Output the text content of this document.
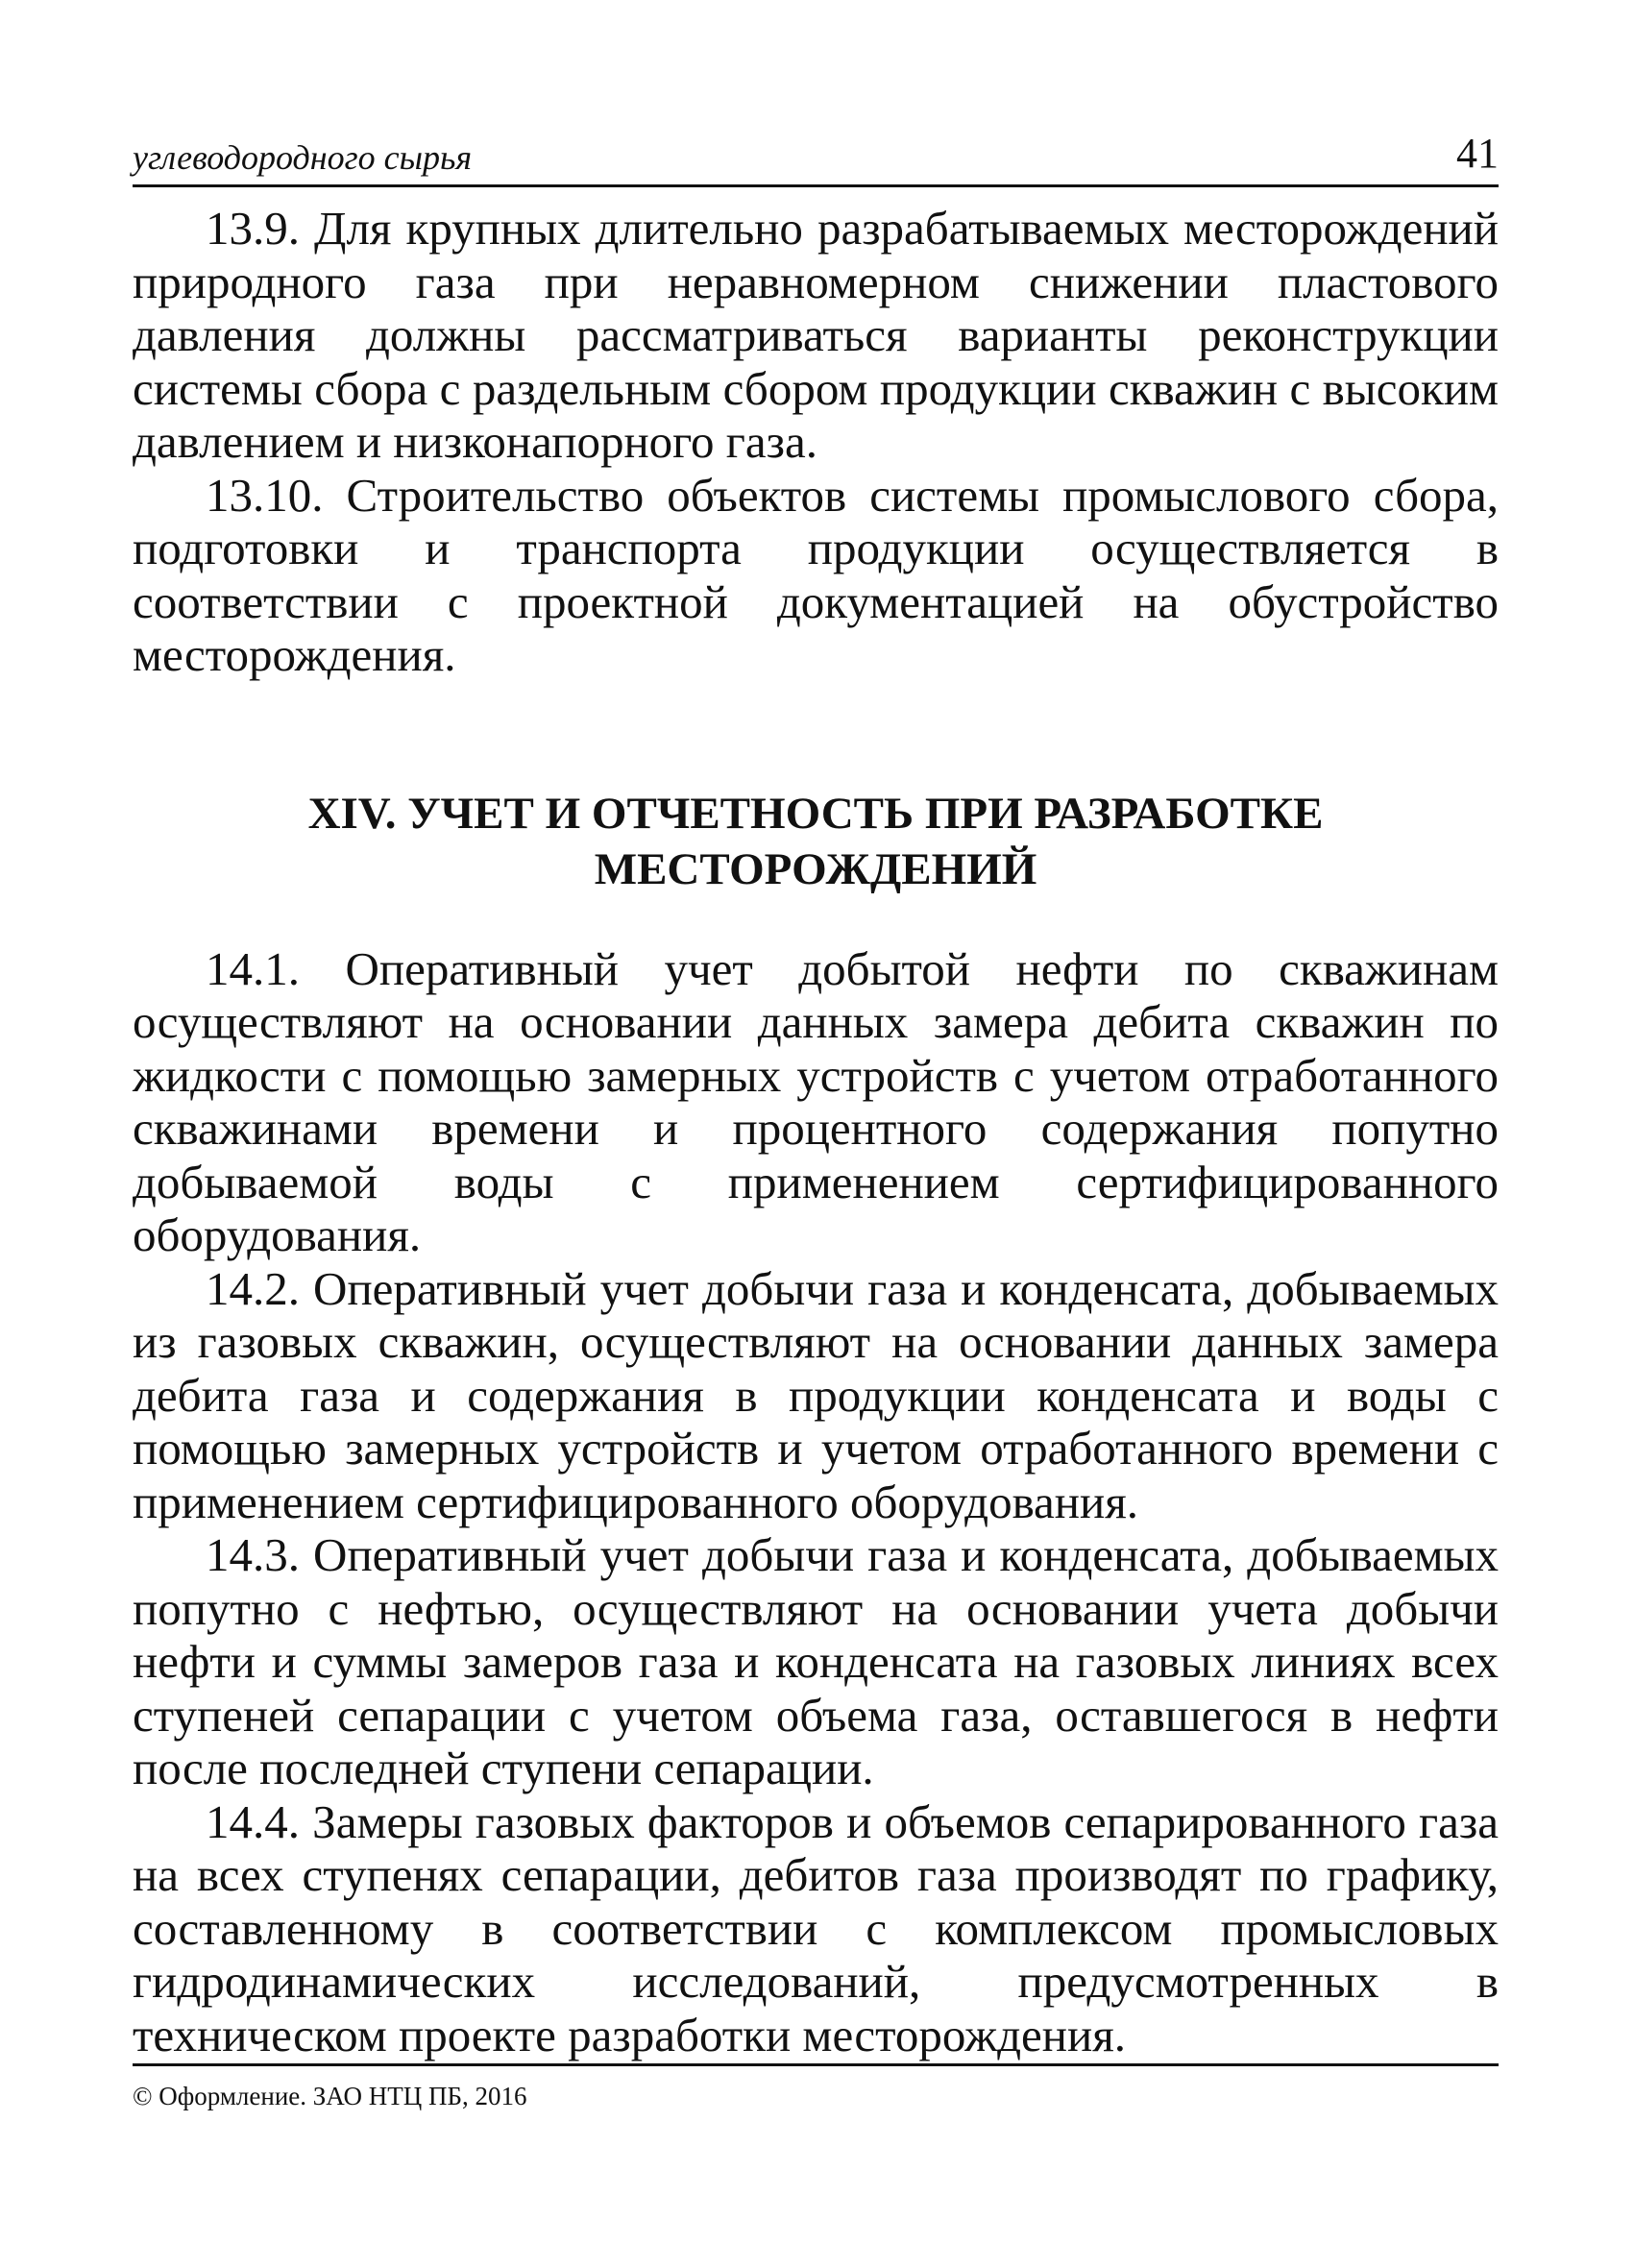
углеводородного сырья	41

13.9. Для крупных длительно разрабатываемых месторождений природного газа при неравномерном снижении пластового давления должны рассматриваться варианты реконструкции системы сбора с раздельным сбором продукции скважин с высоким давлением и низконапорного газа.

13.10. Строительство объектов системы промыслового сбора, подготовки и транспорта продукции осуществляется в соответствии с проектной документацией на обустройство месторождения.

XIV. УЧЕТ И ОТЧЕТНОСТЬ ПРИ РАЗРАБОТКЕ
МЕСТОРОЖДЕНИЙ

14.1. Оперативный учет добытой нефти по скважинам осуществляют на основании данных замера дебита скважин по жидкости с помощью замерных устройств с учетом отработанного скважинами времени и процентного содержания попутно добываемой воды с применением сертифицированного оборудования.

14.2. Оперативный учет добычи газа и конденсата, добываемых из газовых скважин, осуществляют на основании данных замера дебита газа и содержания в продукции конденсата и воды с помощью замерных устройств и учетом отработанного времени с применением сертифицированного оборудования.

14.3. Оперативный учет добычи газа и конденсата, добываемых попутно с нефтью, осуществляют на основании учета добычи нефти и суммы замеров газа и конденсата на газовых линиях всех ступеней сепарации с учетом объема газа, оставшегося в нефти после последней ступени сепарации.

14.4. Замеры газовых факторов и объемов сепарированного газа на всех ступенях сепарации, дебитов газа производят по графику, составленному в соответствии с комплексом промысловых гидродинамических исследований, предусмотренных в техническом проекте разработки месторождения.

© Оформление. ЗАО НТЦ ПБ, 2016
